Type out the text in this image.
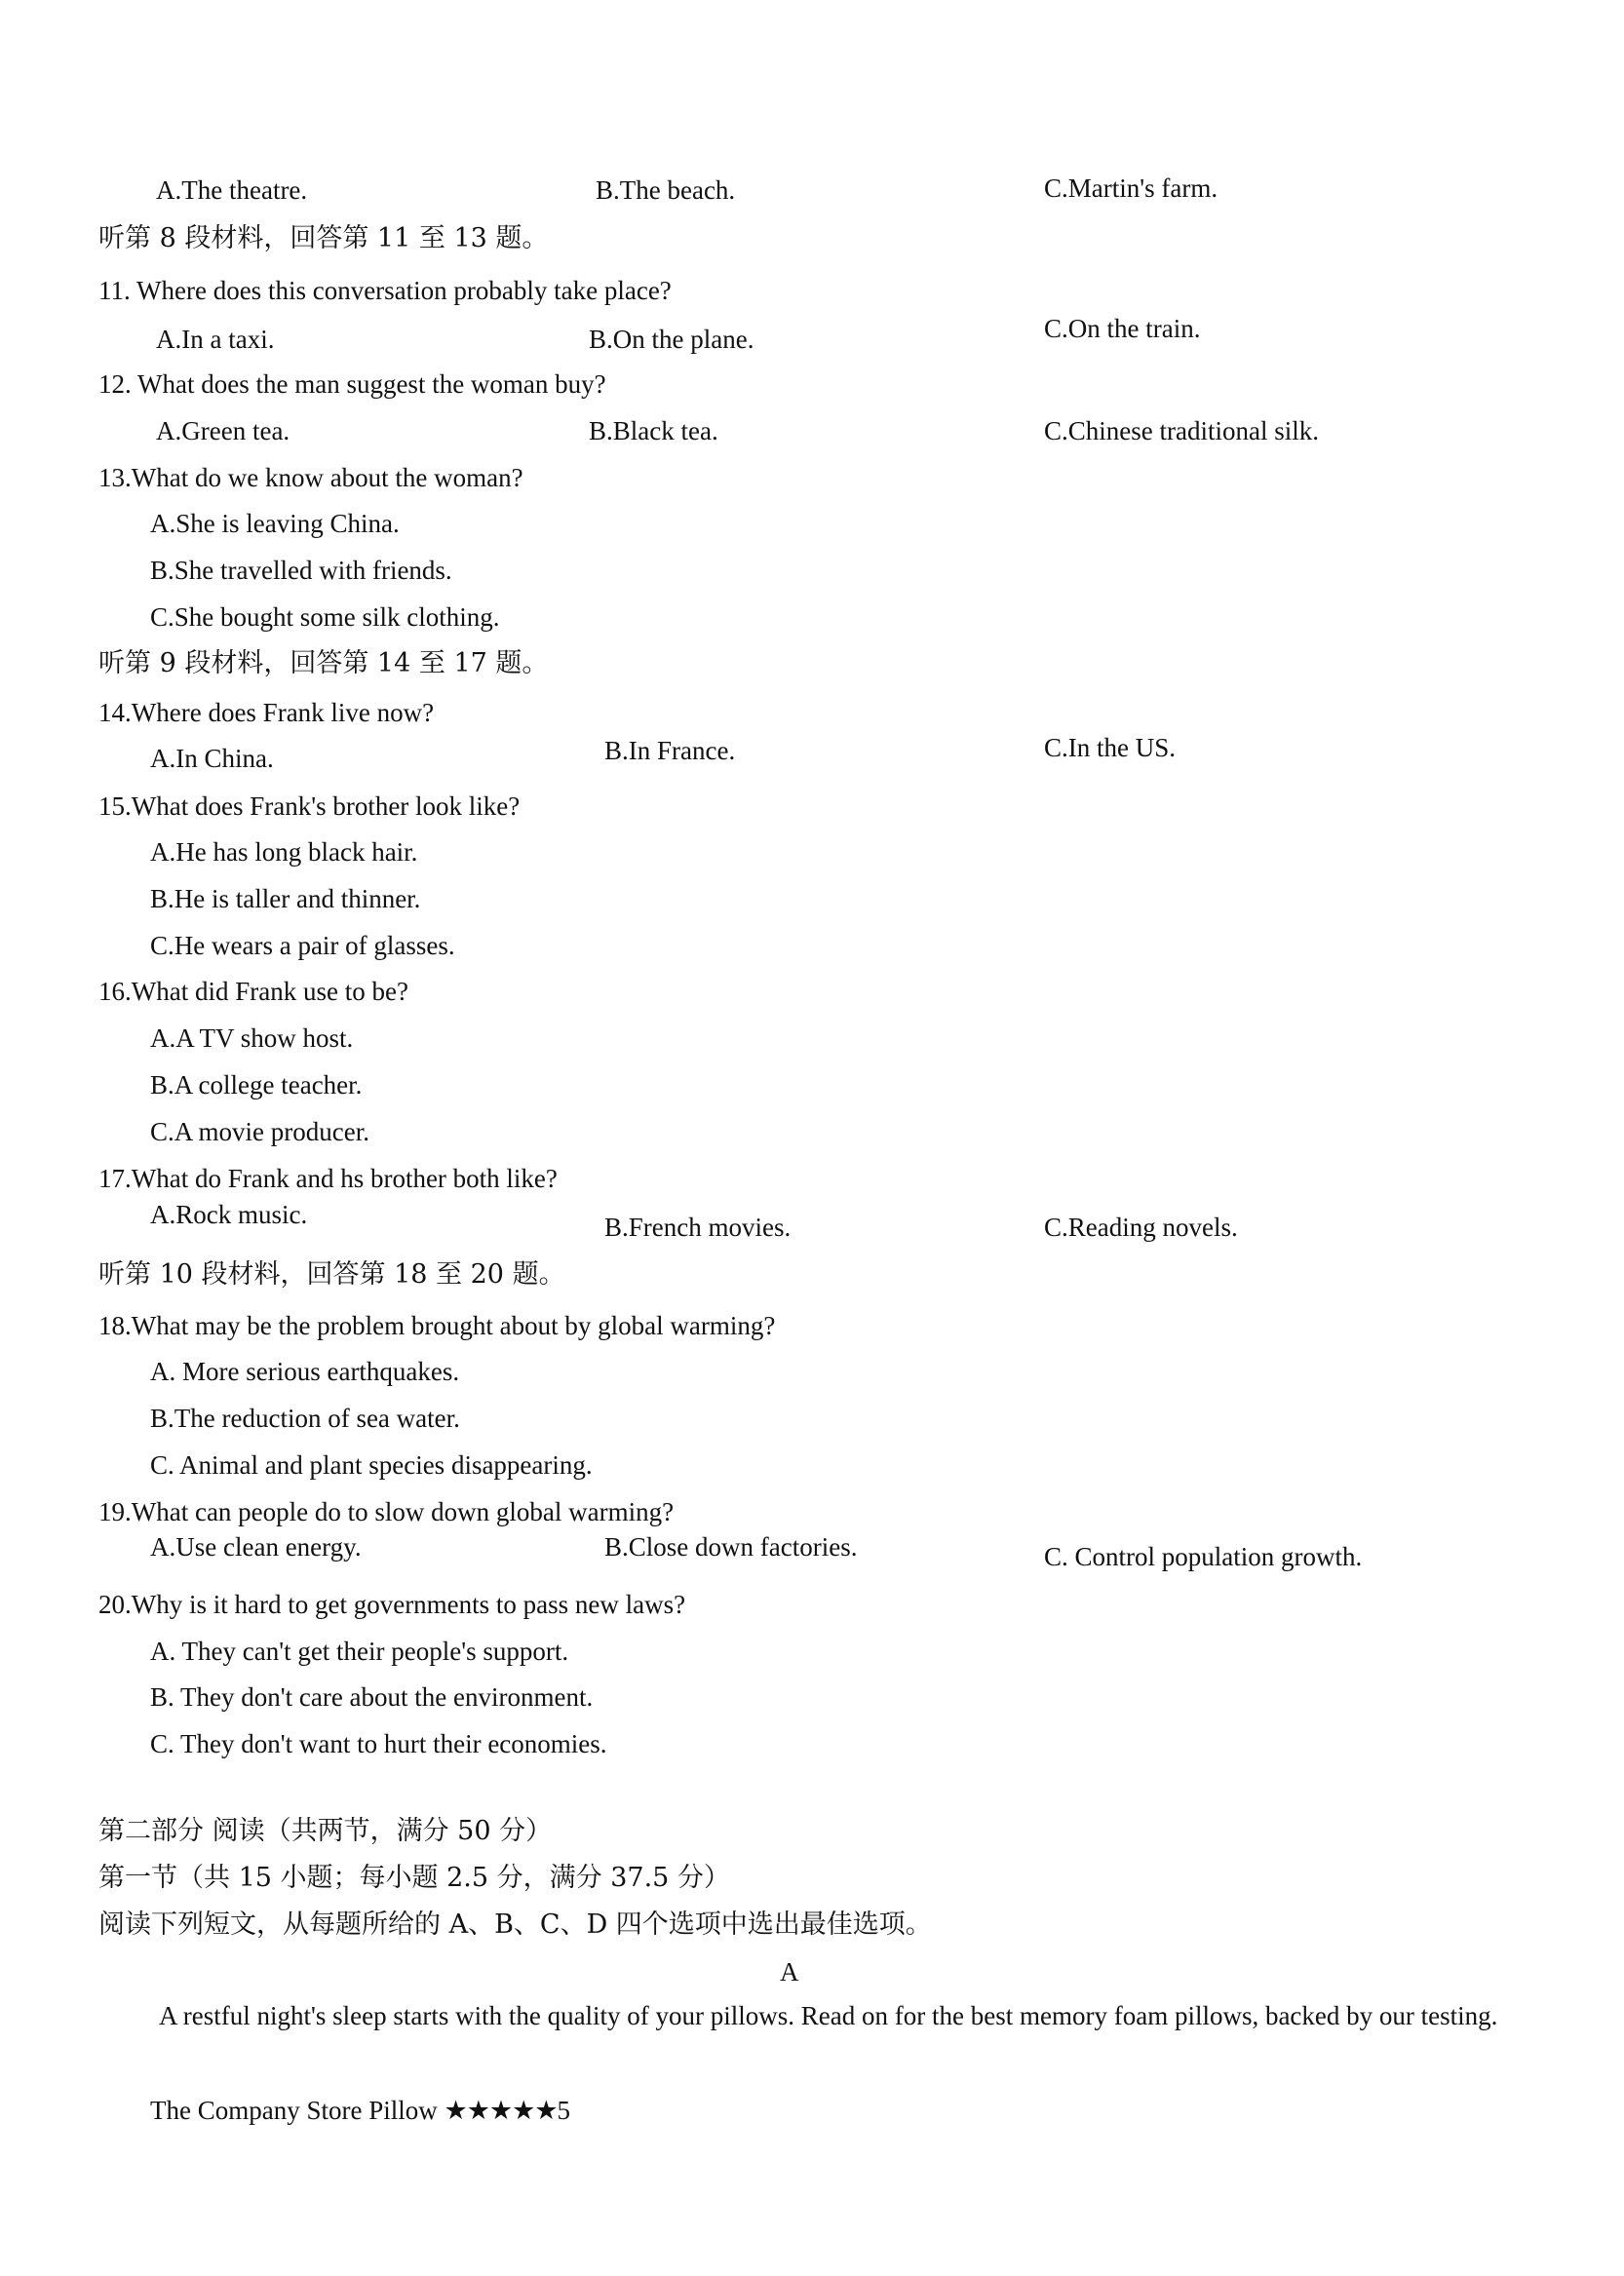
A.The theatre.	B.The beach.	C.Martin's farm.
听第 8 段材料，回答第 11 至 13 题。
11. Where does this conversation probably take place?
A.In a taxi.	B.On the plane.	C.On the train.
12. What does the man suggest the woman buy?
A.Green tea.	B.Black tea.	C.Chinese traditional silk.
13.What do we know about the woman?
A.She is leaving China.
B.She travelled with friends.
C.She bought some silk clothing.
听第 9 段材料，回答第 14 至 17 题。
14.Where does Frank live now?
A.In China.	B.In France.	C.In the US.
15.What does Frank's brother look like?
A.He has long black hair.
B.He is taller and thinner.
C.He wears a pair of glasses.
16.What did Frank use to be?
A.A TV show host.
B.A college teacher.
C.A movie producer.
17.What do Frank and hs brother both like?
A.Rock music.	B.French movies.	C.Reading novels.
听第 10 段材料，回答第 18 至 20 题。
18.What may be the problem brought about by global warming?
A. More serious earthquakes.
B.The reduction of sea water.
C. Animal and plant species disappearing.
19.What can people do to slow down global warming?
A.Use clean energy.	B.Close down factories.	C. Control population growth.
20.Why is it hard to get governments to pass new laws?
A. They can't get their people's support.
B. They don't care about the environment.
C. They don't want to hurt their economies.
第二部分 阅读（共两节，满分 50 分）
第一节（共 15 小题；每小题 2.5 分，满分 37.5 分）
阅读下列短文，从每题所给的 A、B、C、D 四个选项中选出最佳选项。
A
A restful night's sleep starts with the quality of your pillows. Read on for the best memory foam pillows, backed by our testing.
The Company Store Pillow ★★★★★5
